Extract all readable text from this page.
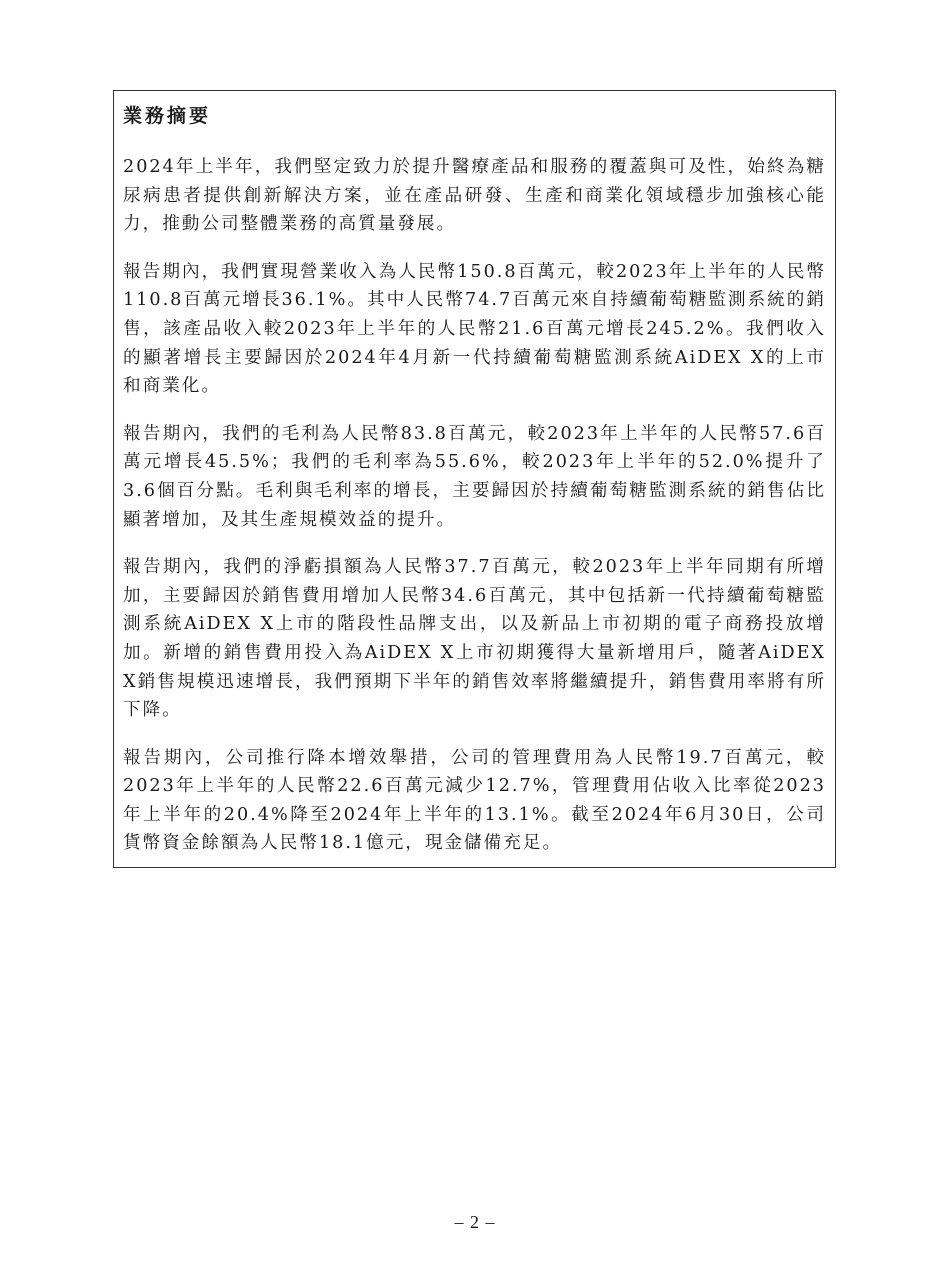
業務摘要

2024年上半年，我們堅定致力於提升醫療產品和服務的覆蓋與可及性，始終為糖尿病患者提供創新解決方案，並在產品研發、生產和商業化領域穩步加強核心能力，推動公司整體業務的高質量發展。

報告期內，我們實現營業收入為人民幣150.8百萬元，較2023年上半年的人民幣110.8百萬元增長36.1%。其中人民幣74.7百萬元來自持續葡萄糖監測系統的銷售，該產品收入較2023年上半年的人民幣21.6百萬元增長245.2%。我們收入的顯著增長主要歸因於2024年4月新一代持續葡萄糖監測系統AiDEX X的上市和商業化。

報告期內，我們的毛利為人民幣83.8百萬元，較2023年上半年的人民幣57.6百萬元增長45.5%；我們的毛利率為55.6%，較2023年上半年的52.0%提升了3.6個百分點。毛利與毛利率的增長，主要歸因於持續葡萄糖監測系統的銷售佔比顯著增加，及其生產規模效益的提升。

報告期內，我們的淨虧損額為人民幣37.7百萬元，較2023年上半年同期有所增加，主要歸因於銷售費用增加人民幣34.6百萬元，其中包括新一代持續葡萄糖監測系統AiDEX X上市的階段性品牌支出，以及新品上市初期的電子商務投放增加。新增的銷售費用投入為AiDEX X上市初期獲得大量新增用戶，隨著AiDEX X銷售規模迅速增長，我們預期下半年的銷售效率將繼續提升，銷售費用率將有所下降。

報告期內，公司推行降本增效舉措，公司的管理費用為人民幣19.7百萬元，較2023年上半年的人民幣22.6百萬元減少12.7%，管理費用佔收入比率從2023年上半年的20.4%降至2024年上半年的13.1%。截至2024年6月30日，公司貨幣資金餘額為人民幣18.1億元，現金儲備充足。

– 2 –
